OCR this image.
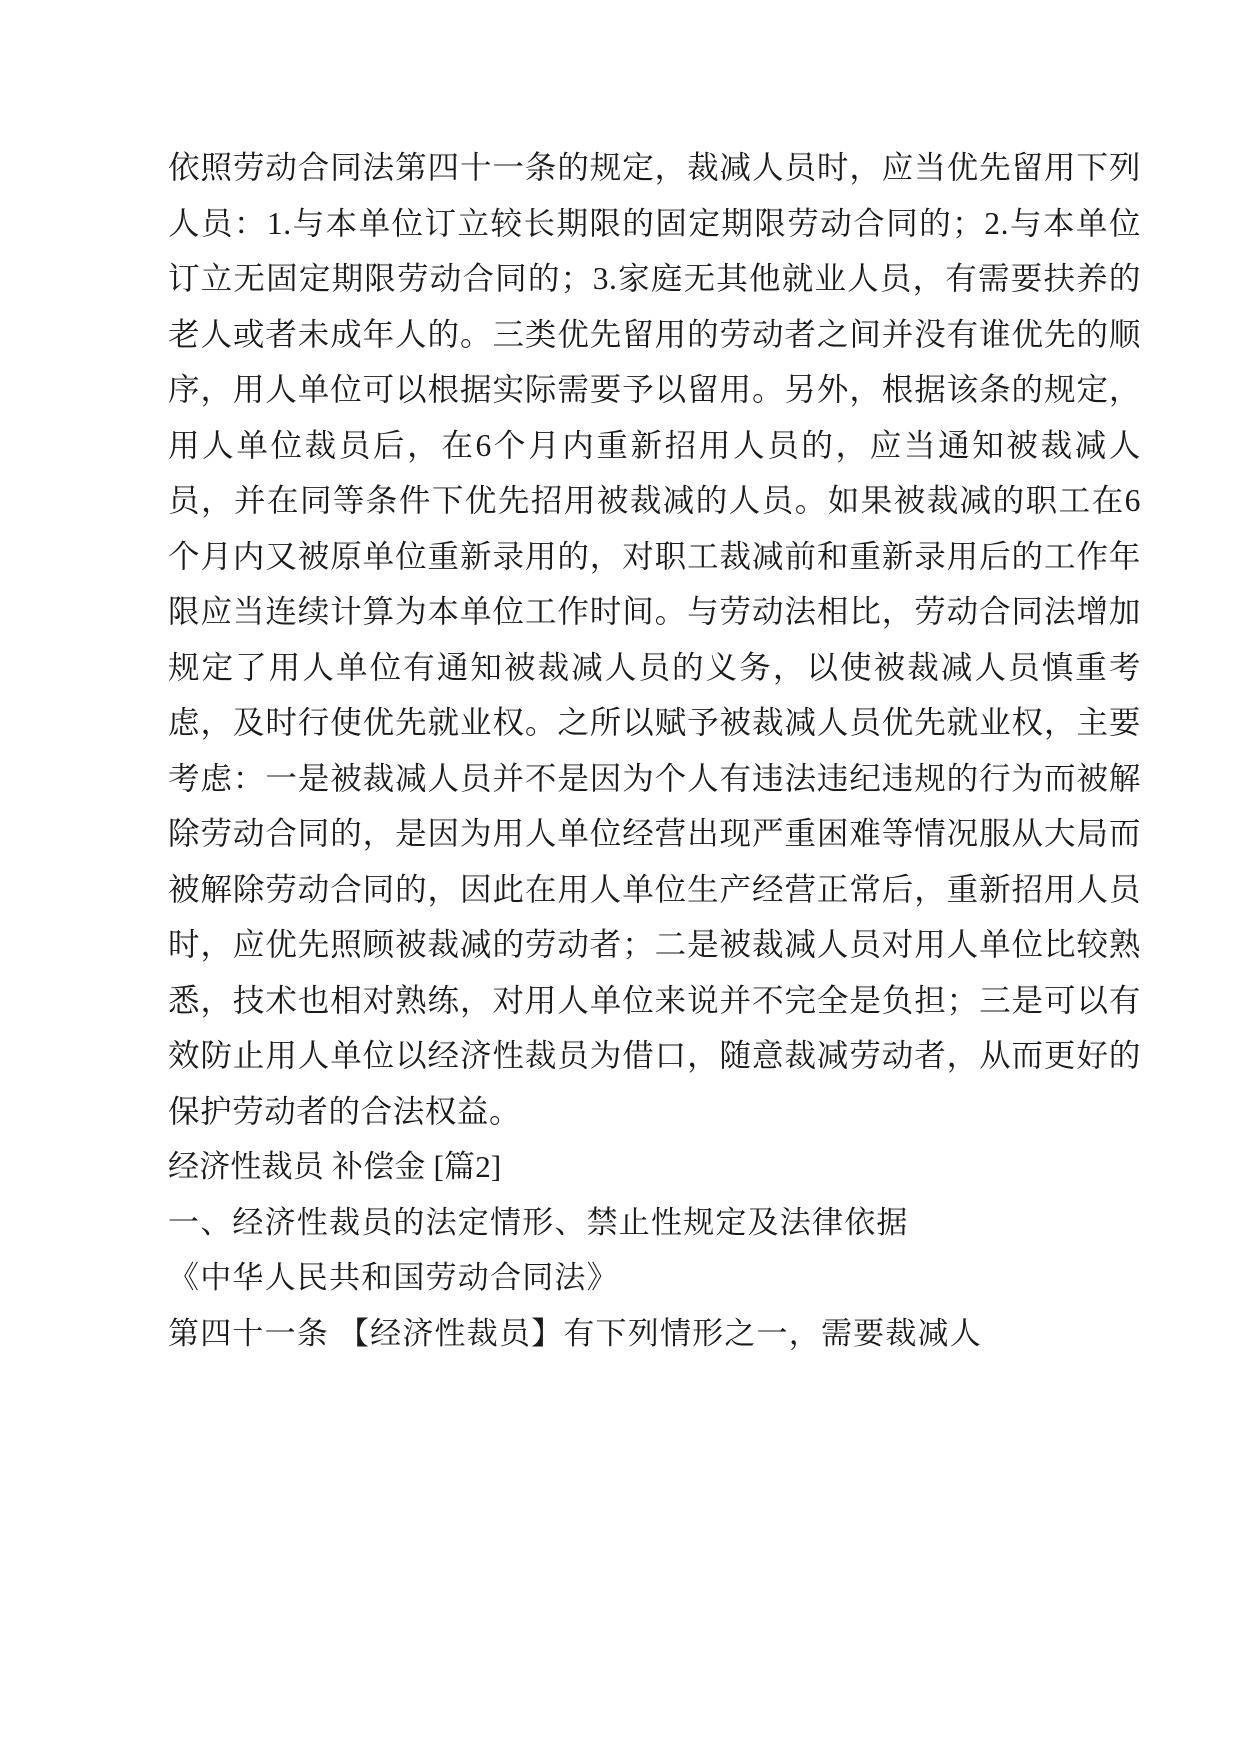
依照劳动合同法第四十一条的规定，裁减人员时，应当优先留用下列人员：1.与本单位订立较长期限的固定期限劳动合同的；2.与本单位订立无固定期限劳动合同的；3.家庭无其他就业人员，有需要扶养的老人或者未成年人的。三类优先留用的劳动者之间并没有谁优先的顺序，用人单位可以根据实际需要予以留用。另外，根据该条的规定，用人单位裁员后，在6个月内重新招用人员的，应当通知被裁减人员，并在同等条件下优先招用被裁减的人员。如果被裁减的职工在6个月内又被原单位重新录用的，对职工裁减前和重新录用后的工作年限应当连续计算为本单位工作时间。与劳动法相比，劳动合同法增加规定了用人单位有通知被裁减人员的义务，以使被裁减人员慎重考虑，及时行使优先就业权。之所以赋予被裁减人员优先就业权，主要考虑：一是被裁减人员并不是因为个人有违法违纪违规的行为而被解除劳动合同的，是因为用人单位经营出现严重困难等情况服从大局而被解除劳动合同的，因此在用人单位生产经营正常后，重新招用人员时，应优先照顾被裁减的劳动者；二是被裁减人员对用人单位比较熟悉，技术也相对熟练，对用人单位来说并不完全是负担；三是可以有效防止用人单位以经济性裁员为借口，随意裁减劳动者，从而更好的保护劳动者的合法权益。

经济性裁员 补偿金 [篇2]

一、经济性裁员的法定情形、禁止性规定及法律依据

《中华人民共和国劳动合同法》

第四十一条 【经济性裁员】有下列情形之一，需要裁减人
